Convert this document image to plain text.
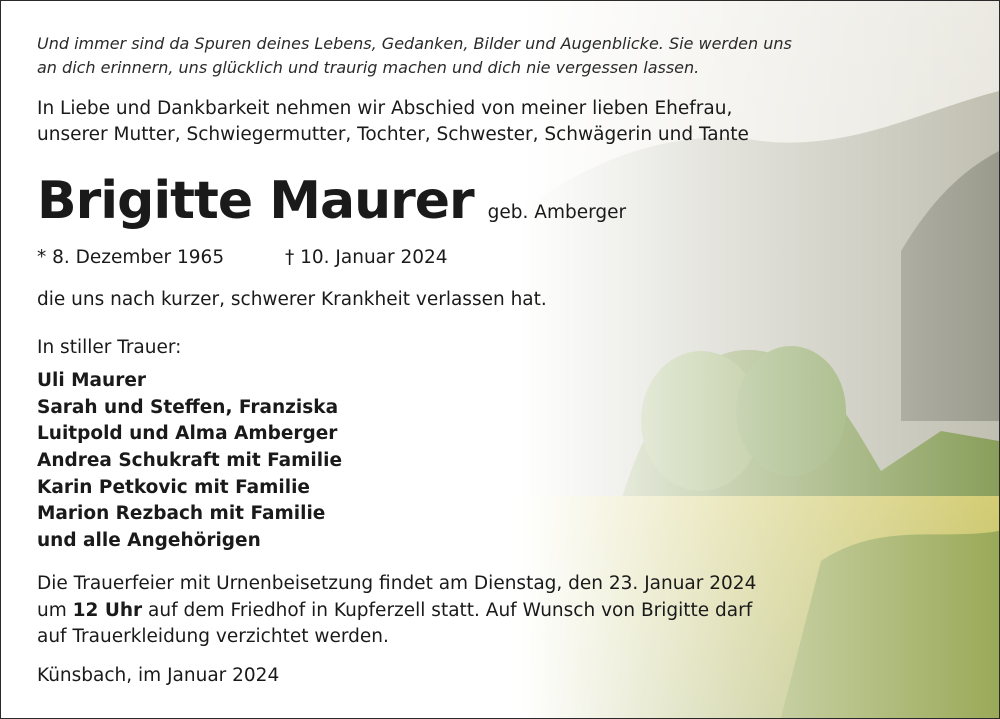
Und immer sind da Spuren deines Lebens, Gedanken, Bilder und Augenblicke. Sie werden uns
an dich erinnern, uns glücklich und traurig machen und dich nie vergessen lassen.
In Liebe und Dankbarkeit nehmen wir Abschied von meiner lieben Ehefrau,
unserer Mutter, Schwiegermutter, Tochter, Schwester, Schwägerin und Tante
Brigitte Maurer geb. Amberger
* 8. Dezember 1965	† 10. Januar 2024
die uns nach kurzer, schwerer Krankheit verlassen hat.
In stiller Trauer:
Uli Maurer
Sarah und Steffen, Franziska
Luitpold und Alma Amberger
Andrea Schukraft mit Familie
Karin Petkovic mit Familie
Marion Rezbach mit Familie
und alle Angehörigen
Die Trauerfeier mit Urnenbeisetzung findet am Dienstag, den 23. Januar 2024
um 12 Uhr auf dem Friedhof in Kupferzell statt. Auf Wunsch von Brigitte darf
auf Trauerkleidung verzichtet werden.
Künsbach, im Januar 2024
